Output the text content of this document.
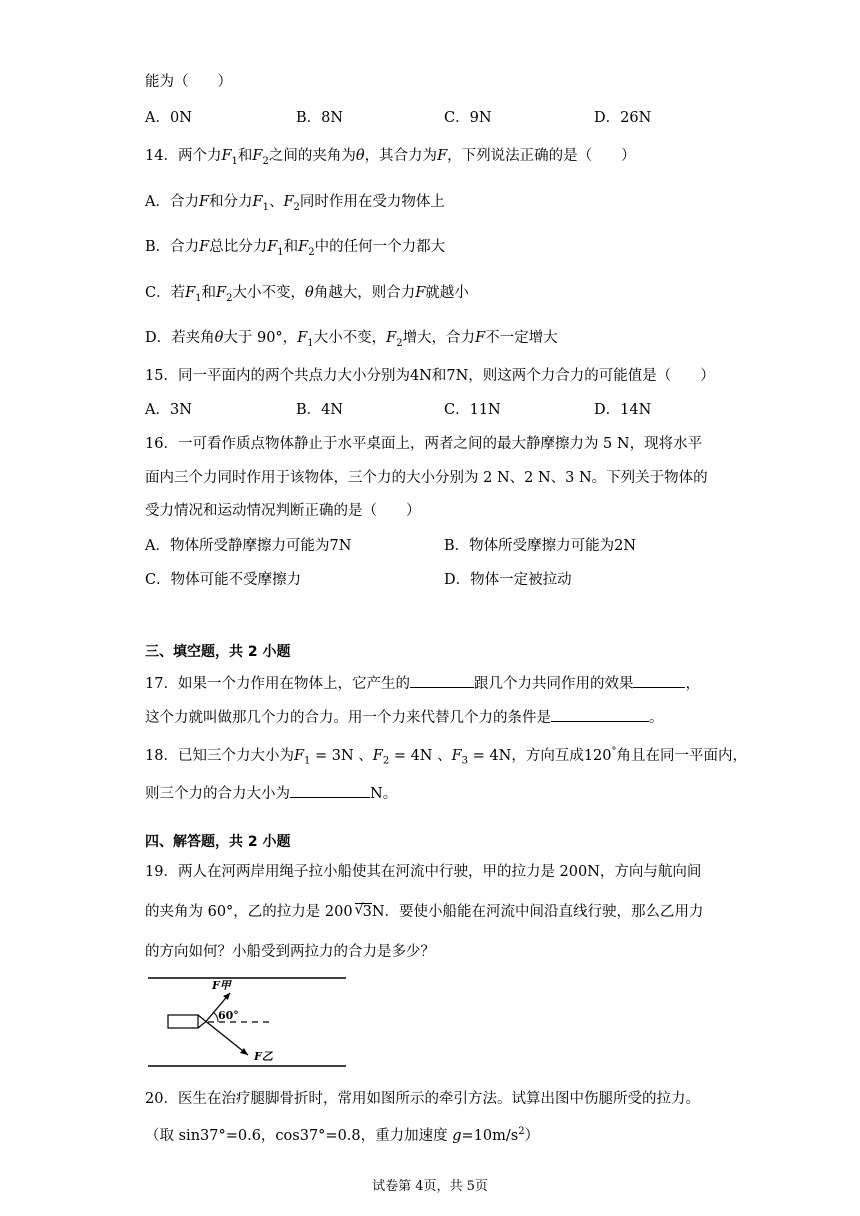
能为（　　）
A．0N	B．8N	C．9N	D．26N
14．两个力$F_1$和$F_2$之间的夹角为θ，其合力为F，下列说法正确的是（　　）
A．合力F和分力$F_1$、$F_2$同时作用在受力物体上
B．合力F总比分力$F_1$和$F_2$中的任何一个力都大
C．若$F_1$和$F_2$大小不变，θ角越大，则合力F就越小
D．若夹角θ大于 90°，$F_1$大小不变，$F_2$增大，合力F不一定增大
15．同一平面内的两个共点力大小分别为4N和7N，则这两个力合力的可能值是（　　）
A．3N	B．4N	C．11N	D．14N
16．一可看作质点物体静止于水平桌面上，两者之间的最大静摩擦力为 5 N，现将水平
面内三个力同时作用于该物体，三个力的大小分别为 2 N、2 N、3 N。下列关于物体的
受力情况和运动情况判断正确的是（　　）
A．物体所受静摩擦力可能为7N	B．物体所受摩擦力可能为2N
C．物体可能不受摩擦力	D．物体一定被拉动
三、填空题，共 2 小题
17．如果一个力作用在物体上，它产生的	跟几个力共同作用的效果	，
这个力就叫做那几个力的合力。用一个力来代替几个力的条件是	。
18．已知三个力大小为$F_1 = 3N$ 、$F_2 = 4N$ 、$F_3 = 4N$，方向互成120°角且在同一平面内，
则三个力的合力大小为	N。
四、解答题，共 2 小题
19．两人在河两岸用绳子拉小船使其在河流中行驶，甲的拉力是 200N，方向与航向间
的夹角为 60°，乙的拉力是 200 √ 3N．要使小船能在河流中间沿直线行驶，那么乙用力
的方向如何？小船受到两拉力的合力是多少？
F甲
60°
F乙
20．医生在治疗腿脚骨折时，常用如图所示的牵引方法。试算出图中伤腿所受的拉力。
（取 sin37°=0.6，cos37°=0.8，重力加速度 $g=10m/s^2$）
试卷第 4页，共 5页
